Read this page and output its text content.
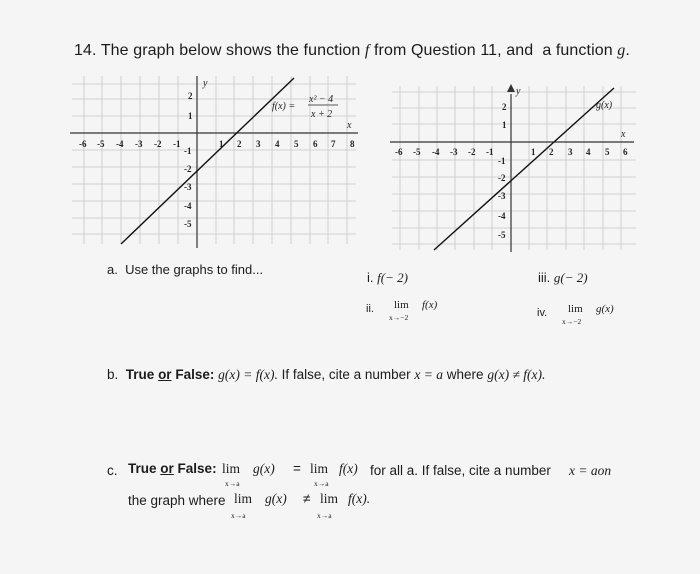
14. The graph below shows the function f from Question 11, and a function g.
y
x
-6 -5 -4 -3 -2 -1	1 2 3 4 5 6 7 8
2
1
-1
-2
-3
-4
-5
f(x) =
x² − 4
x + 2
y
x
-6 -5 -4 -3 -2 -1	1 2 3 4 5 6
2
1
-1
-2
-3
-4
-5
g(x)
a. Use the graphs to find...
i. f(− 2)	iii. g(− 2)
ii. lim
x→−2
f(x)
iv. lim
x→−2
g(x)
b. True or False: g(x) = f(x). If false, cite a number x = a where g(x) ≠ f(x).
c. True or False: lim
x→a
g(x) = lim
x→a
f(x) for all a. If false, cite a number x = aon
the graph where lim
x→a
g(x) ≠ lim
x→a
f(x).
